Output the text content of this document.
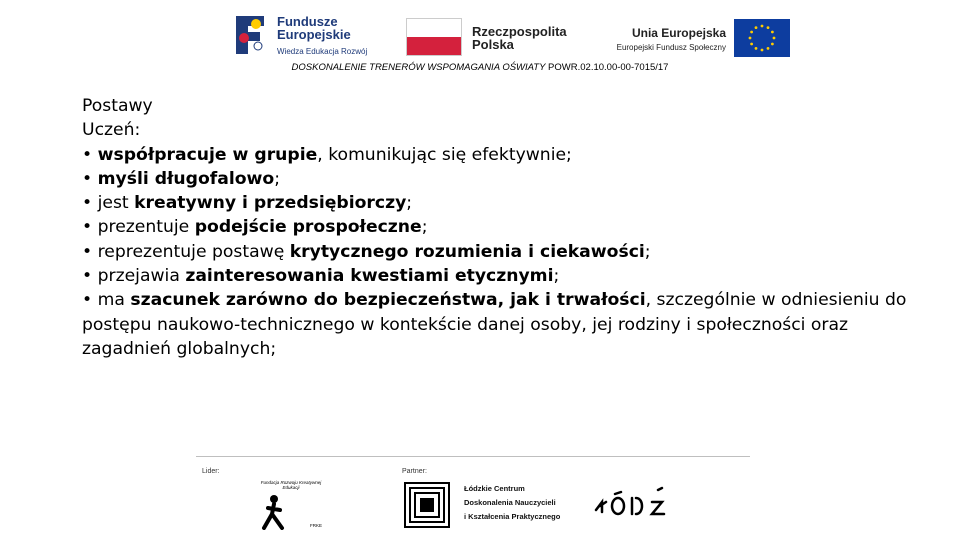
Fundusze
Europejskie
Wiedza Edukacja Rozwój
Rzeczpospolita
Polska
Unia Europejska
Europejski Fundusz Społeczny
DOSKONALENIE TRENERÓW WSPOMAGANIA OŚWIATY POWR.02.10.00-00-7015/17

Postawy

Uczeń:

• współpracuje w grupie, komunikując się efektywnie;

• myśli długofalowo;

• jest kreatywny i przedsiębiorczy;

• prezentuje podejście prospołeczne;

• reprezentuje postawę krytycznego rozumienia i ciekawości;

• przejawia zainteresowania kwestiami etycznymi;

• ma szacunek zarówno do bezpieczeństwa, jak i trwałości, szczególnie w odniesieniu do postępu naukowo-technicznego w kontekście danej osoby, jej rodziny i społeczności oraz zagadnień globalnych;

Lider:	Partner:
Fundacja Rozwoju Kreatywnej Edukacji
FRKE
Łódzkie Centrum
Doskonalenia Nauczycieli
i Kształcenia Praktycznego
